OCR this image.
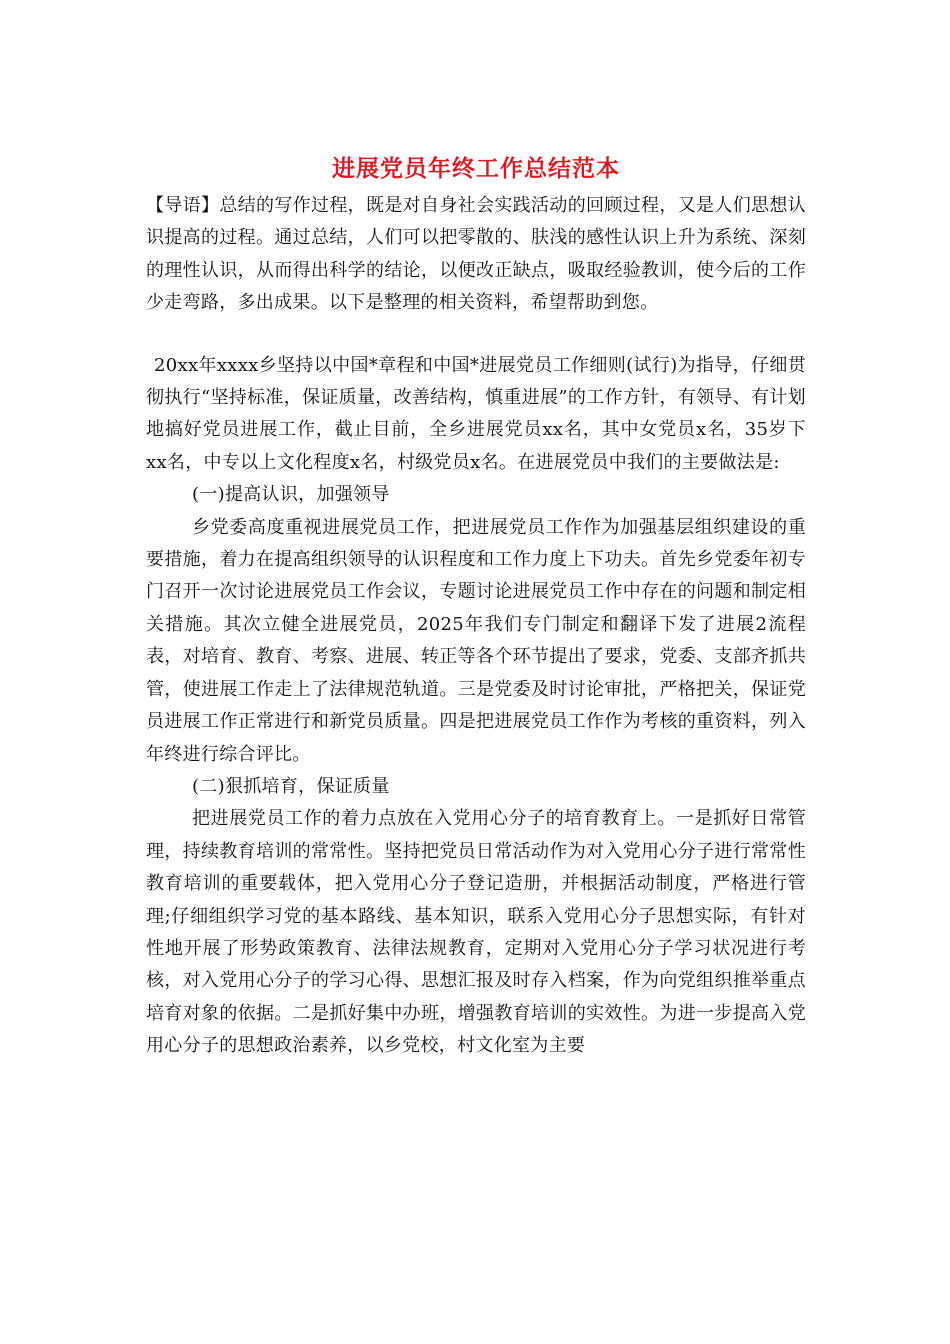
进展党员年终工作总结范本

【导语】总结的写作过程，既是对自身社会实践活动的回顾过程，又是人们思想认识提高的过程。通过总结，人们可以把零散的、肤浅的感性认识上升为系统、深刻的理性认识，从而得出科学的结论，以便改正缺点，吸取经验教训，使今后的工作少走弯路，多出成果。以下是整理的相关资料，希望帮助到您。

20xx年xxxx乡坚持以中国*章程和中国*进展党员工作细则(试行)为指导，仔细贯彻执行“坚持标准，保证质量，改善结构，慎重进展”的工作方针，有领导、有计划地搞好党员进展工作，截止目前，全乡进展党员xx名，其中女党员x名，35岁下xx名，中专以上文化程度x名，村级党员x名。在进展党员中我们的主要做法是:

(一)提高认识，加强领导

乡党委高度重视进展党员工作，把进展党员工作作为加强基层组织建设的重要措施，着力在提高组织领导的认识程度和工作力度上下功夫。首先乡党委年初专门召开一次讨论进展党员工作会议，专题讨论进展党员工作中存在的问题和制定相关措施。其次立健全进展党员，2025年我们专门制定和翻译下发了进展2流程表，对培育、教育、考察、进展、转正等各个环节提出了要求，党委、支部齐抓共管，使进展工作走上了法律规范轨道。三是党委及时讨论审批，严格把关，保证党员进展工作正常进行和新党员质量。四是把进展党员工作作为考核的重资料，列入年终进行综合评比。

(二)狠抓培育，保证质量

把进展党员工作的着力点放在入党用心分子的培育教育上。一是抓好日常管理，持续教育培训的常常性。坚持把党员日常活动作为对入党用心分子进行常常性教育培训的重要载体，把入党用心分子登记造册，并根据活动制度，严格进行管理;仔细组织学习党的基本路线、基本知识，联系入党用心分子思想实际，有针对性地开展了形势政策教育、法律法规教育，定期对入党用心分子学习状况进行考核，对入党用心分子的学习心得、思想汇报及时存入档案，作为向党组织推举重点培育对象的依据。二是抓好集中办班，增强教育培训的实效性。为进一步提高入党用心分子的思想政治素养，以乡党校，村文化室为主要
